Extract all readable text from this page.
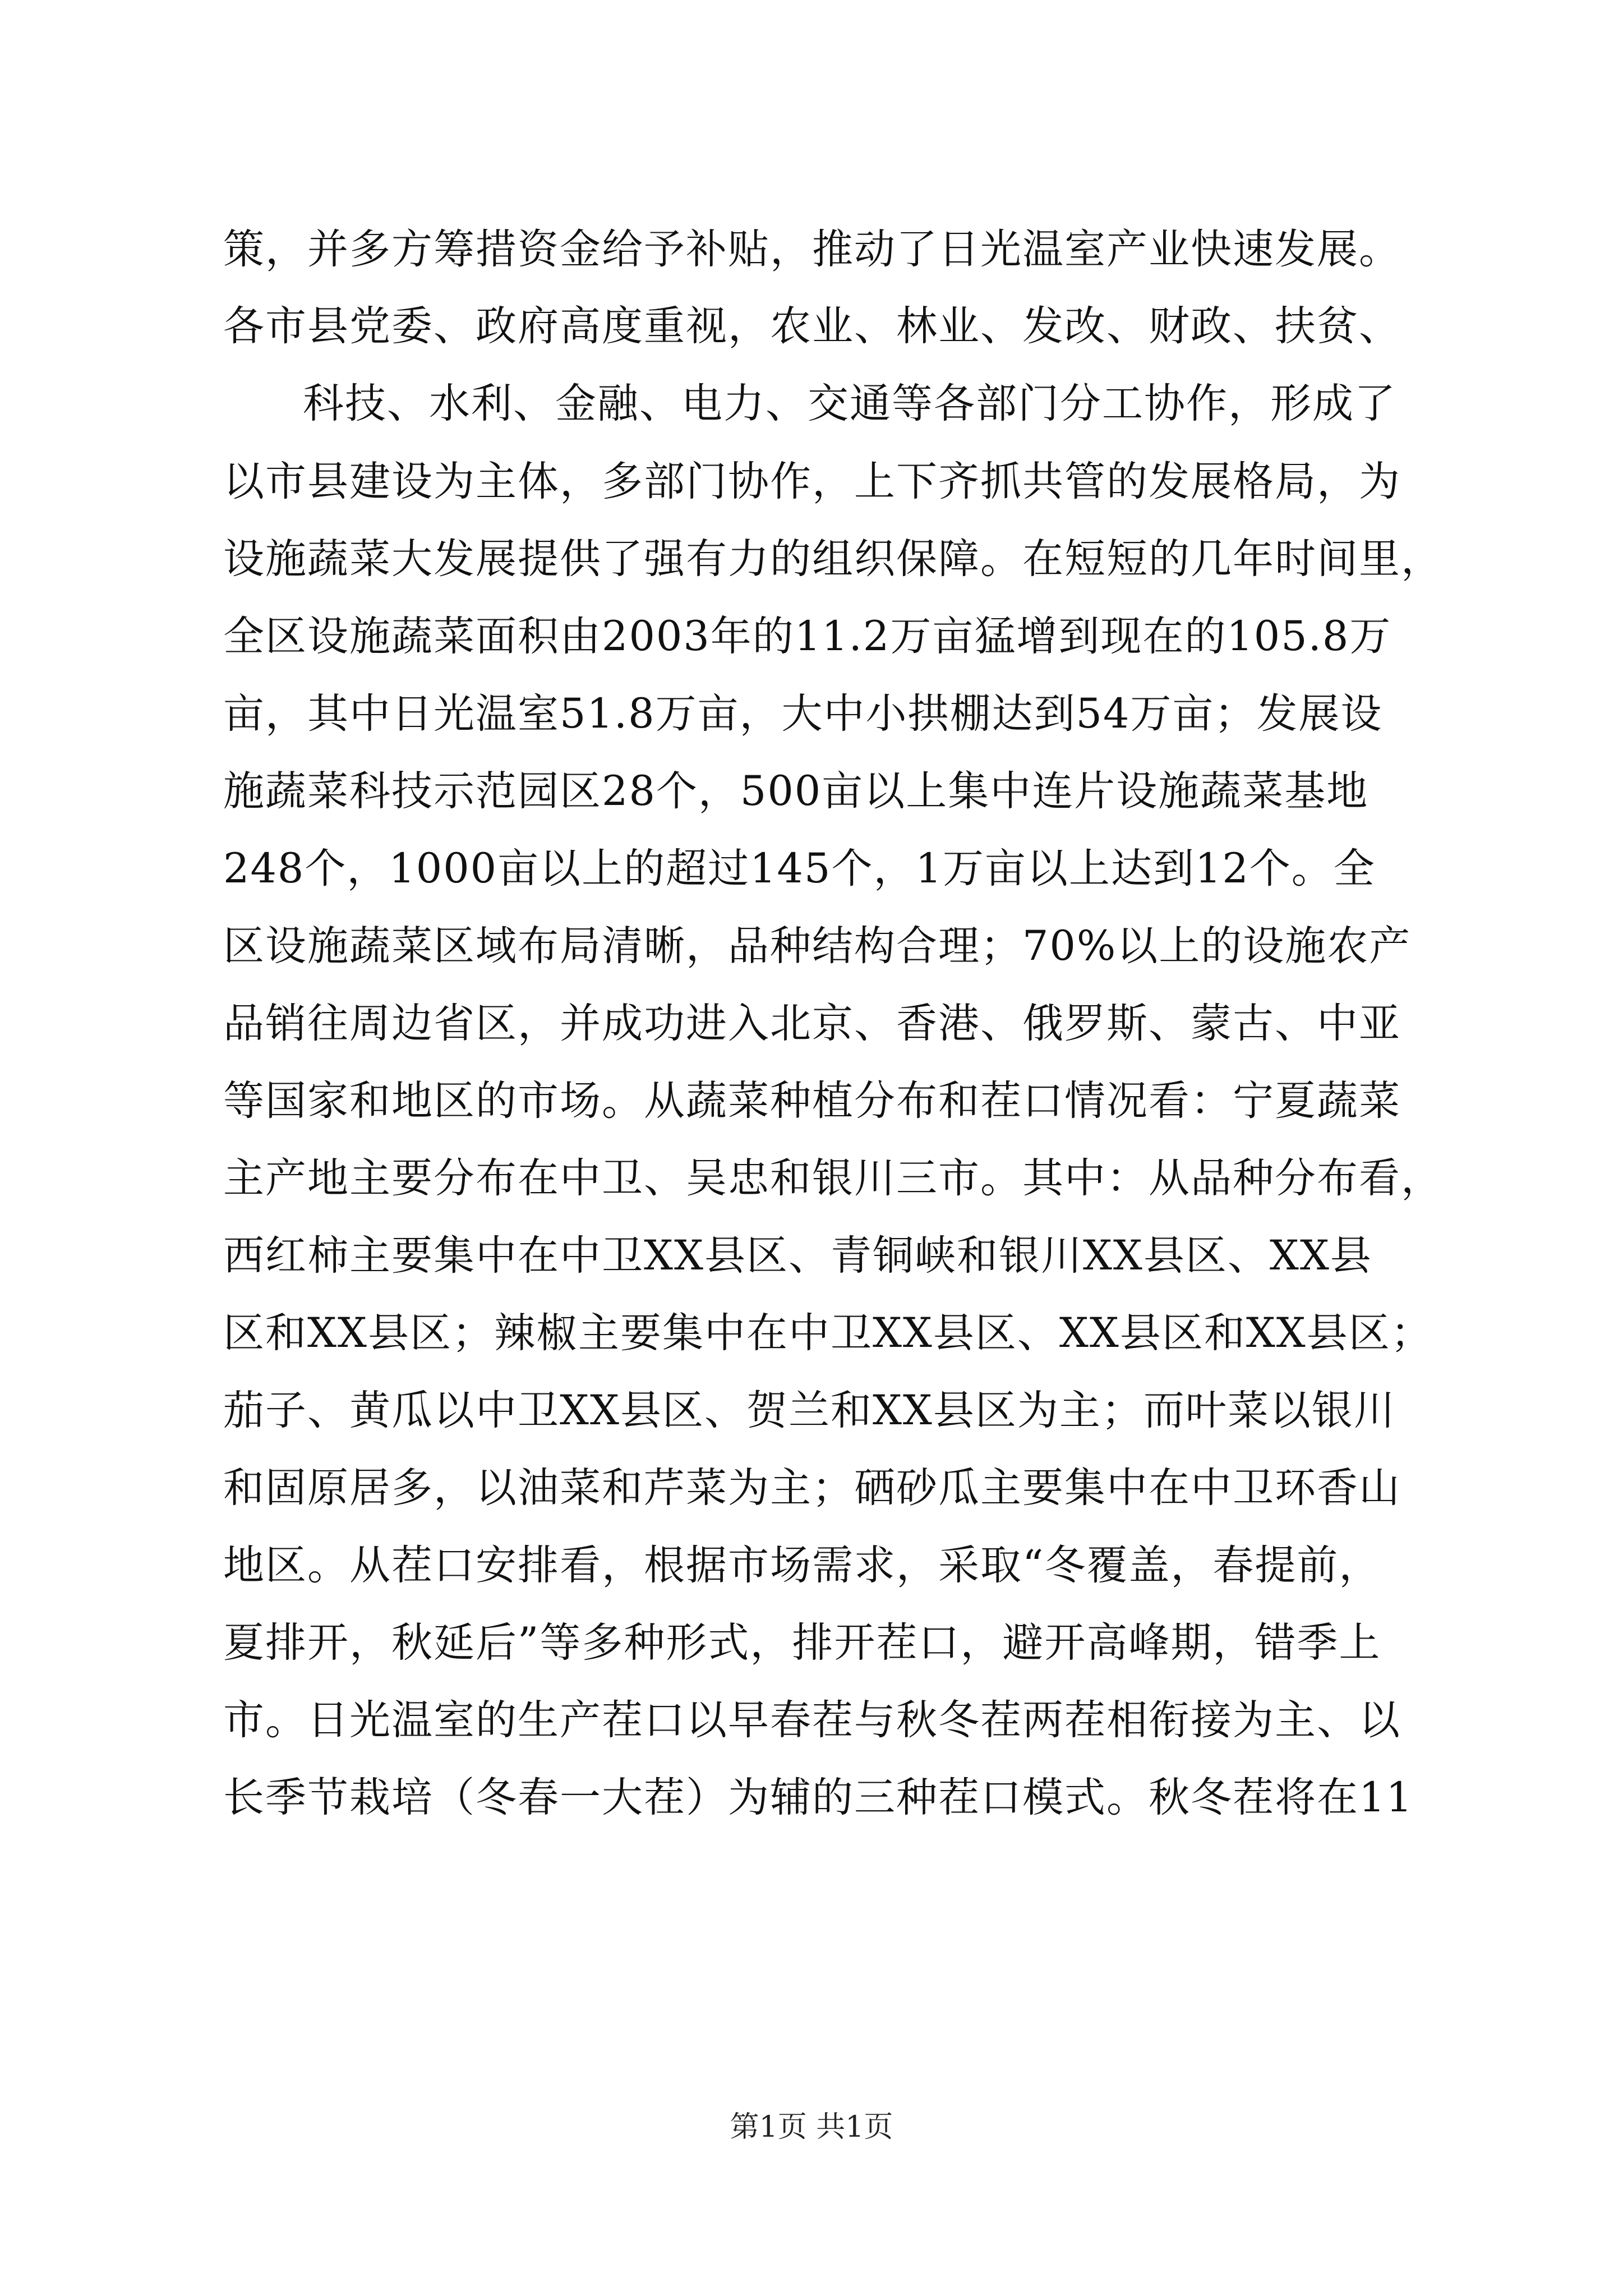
策，并多方筹措资金给予补贴，推动了日光温室产业快速发展。
各市县党委、政府高度重视，农业、林业、发改、财政、扶贫、
科技、水利、金融、电力、交通等各部门分工协作，形成了
以市县建设为主体，多部门协作，上下齐抓共管的发展格局，为
设施蔬菜大发展提供了强有力的组织保障。在短短的几年时间里，
全区设施蔬菜面积由2003年的11.2万亩猛增到现在的105.8万
亩，其中日光温室51.8万亩，大中小拱棚达到54万亩；发展设
施蔬菜科技示范园区28个，500亩以上集中连片设施蔬菜基地
248个，1000亩以上的超过145个，1万亩以上达到12个。全
区设施蔬菜区域布局清晰，品种结构合理；70%以上的设施农产
品销往周边省区，并成功进入北京、香港、俄罗斯、蒙古、中亚
等国家和地区的市场。从蔬菜种植分布和茬口情况看：宁夏蔬菜
主产地主要分布在中卫、吴忠和银川三市。其中：从品种分布看，
西红柿主要集中在中卫XX县区、青铜峡和银川XX县区、XX县
区和XX县区；辣椒主要集中在中卫XX县区、XX县区和XX县区；
茄子、黄瓜以中卫XX县区、贺兰和XX县区为主；而叶菜以银川
和固原居多，以油菜和芹菜为主；硒砂瓜主要集中在中卫环香山
地区。从茬口安排看，根据市场需求，采取“冬覆盖，春提前，
夏排开，秋延后”等多种形式，排开茬口，避开高峰期，错季上
市。日光温室的生产茬口以早春茬与秋冬茬两茬相衔接为主、以
长季节栽培（冬春一大茬）为辅的三种茬口模式。秋冬茬将在11
第1页 共1页
